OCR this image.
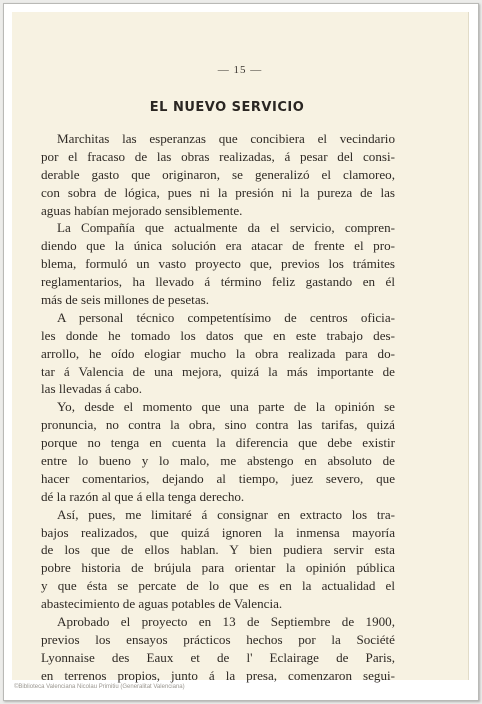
— 15 —
EL NUEVO SERVICIO
Marchitas las esperanzas que concibiera el vecindario
por el fracaso de las obras realizadas, á pesar del consi-
derable gasto que originaron, se generalizó el clamoreo,
con sobra de lógica, pues ni la presión ni la pureza de las
aguas habían mejorado sensiblemente.
La Compañía que actualmente da el servicio, compren-
diendo que la única solución era atacar de frente el pro-
blema, formuló un vasto proyecto que, previos los trámites
reglamentarios, ha llevado á término feliz gastando en él
más de seis millones de pesetas.
A personal técnico competentísimo de centros oficia-
les donde he tomado los datos que en este trabajo des-
arrollo, he oído elogiar mucho la obra realizada para do-
tar á Valencia de una mejora, quizá la más importante de
las llevadas á cabo.
Yo, desde el momento que una parte de la opinión se
pronuncia, no contra la obra, sino contra las tarifas, quizá
porque no tenga en cuenta la diferencia que debe existir
entre lo bueno y lo malo, me abstengo en absoluto de
hacer comentarios, dejando al tiempo, juez severo, que
dé la razón al que á ella tenga derecho.
Así, pues, me limitaré á consignar en extracto los tra-
bajos realizados, que quizá ignoren la inmensa mayoría
de los que de ellos hablan. Y bien pudiera servir esta
pobre historia de brújula para orientar la opinión pública
y que ésta se percate de lo que es en la actualidad el
abastecimiento de aguas potables de Valencia.
Aprobado el proyecto en 13 de Septiembre de 1900,
previos los ensayos prácticos hechos por la Société
Lyonnaise des Eaux et de l' Eclairage de Paris,
en terrenos propios, junto á la presa, comenzaron segui-
©Biblioteca Valenciana Nicolau Primitiu (Generalitat Valenciana)
